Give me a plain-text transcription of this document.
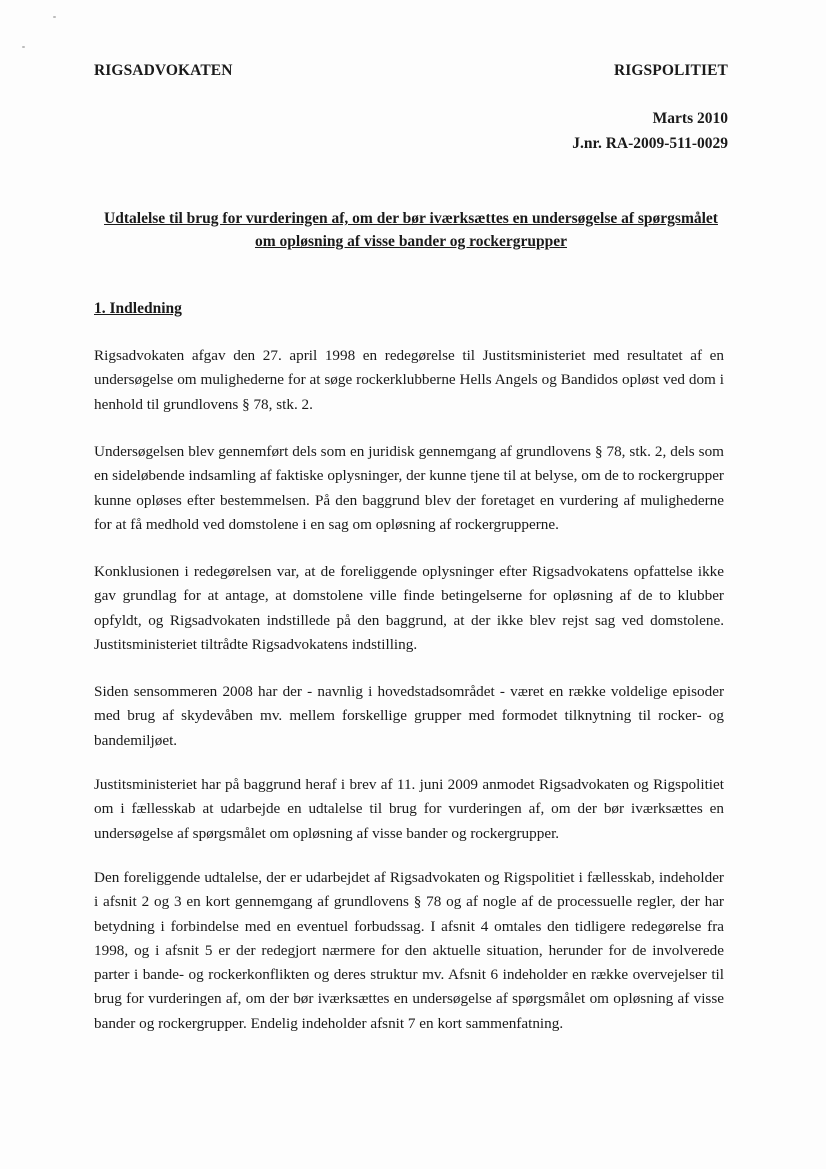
RIGSADVOKATEN	RIGSPOLITIET
Marts 2010
J.nr. RA-2009-511-0029
Udtalelse til brug for vurderingen af, om der bør iværksættes en undersøgelse af spørgsmålet om opløsning af visse bander og rockergrupper
1. Indledning

Rigsadvokaten afgav den 27. april 1998 en redegørelse til Justitsministeriet med resultatet af en undersøgelse om mulighederne for at søge rockerklubberne Hells Angels og Bandidos opløst ved dom i henhold til grundlovens § 78, stk. 2.

Undersøgelsen blev gennemført dels som en juridisk gennemgang af grundlovens § 78, stk. 2, dels som en sideløbende indsamling af faktiske oplysninger, der kunne tjene til at belyse, om de to rockergrupper kunne opløses efter bestemmelsen. På den baggrund blev der foretaget en vurdering af mulighederne for at få medhold ved domstolene i en sag om opløsning af rockergrupperne.

Konklusionen i redegørelsen var, at de foreliggende oplysninger efter Rigsadvokatens opfattelse ikke gav grundlag for at antage, at domstolene ville finde betingelserne for opløsning af de to klubber opfyldt, og Rigsadvokaten indstillede på den baggrund, at der ikke blev rejst sag ved domstolene. Justitsministeriet tiltrådte Rigsadvokatens indstilling.

Siden sensommeren 2008 har der - navnlig i hovedstadsområdet - været en række voldelige episoder med brug af skydevåben mv. mellem forskellige grupper med formodet tilknytning til rocker- og bandemiljøet.

Justitsministeriet har på baggrund heraf i brev af 11. juni 2009 anmodet Rigsadvokaten og Rigspolitiet om i fællesskab at udarbejde en udtalelse til brug for vurderingen af, om der bør iværksættes en undersøgelse af spørgsmålet om opløsning af visse bander og rockergrupper.

Den foreliggende udtalelse, der er udarbejdet af Rigsadvokaten og Rigspolitiet i fællesskab, indeholder i afsnit 2 og 3 en kort gennemgang af grundlovens § 78 og af nogle af de processuelle regler, der har betydning i forbindelse med en eventuel forbudssag. I afsnit 4 omtales den tidligere redegørelse fra 1998, og i afsnit 5 er der redegjort nærmere for den aktuelle situation, herunder for de involverede parter i bande- og rockerkonflikten og deres struktur mv. Afsnit 6 indeholder en række overvejelser til brug for vurderingen af, om der bør iværksættes en undersøgelse af spørgsmålet om opløsning af visse bander og rockergrupper. Endelig indeholder afsnit 7 en kort sammenfatning.
